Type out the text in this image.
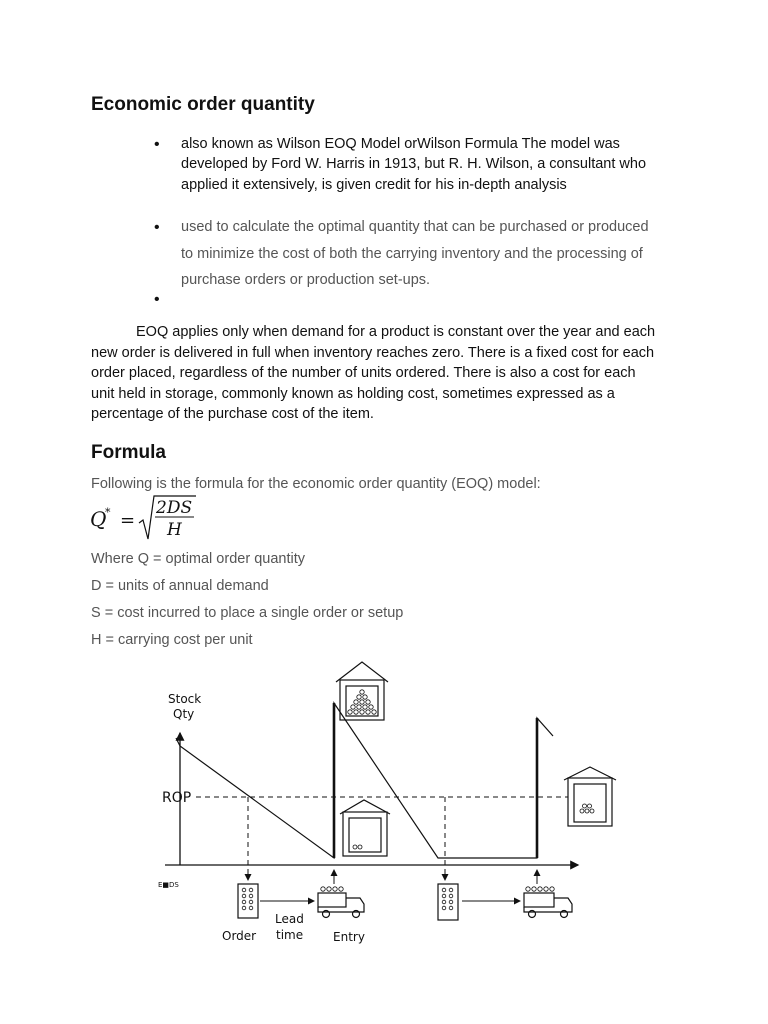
Economic order quantity
• also known as Wilson EOQ Model orWilson Formula The model was
developed by Ford W. Harris in 1913, but R. H. Wilson, a consultant who
applied it extensively, is given credit for his in-depth analysis
• used to calculate the optimal quantity that can be purchased or produced
to minimize the cost of both the carrying inventory and the processing of
purchase orders or production set-ups.
•
EOQ applies only when demand for a product is constant over the year and each
new order is delivered in full when inventory reaches zero. There is a fixed cost for each
order placed, regardless of the number of units ordered. There is also a cost for each
unit held in storage, commonly known as holding cost, sometimes expressed as a
percentage of the purchase cost of the item.
Formula
Following is the formula for the economic order quantity (EOQ) model:
Q
* =
2DS
H
Where Q = optimal order quantity
D = units of annual demand
S = cost incurred to place a single order or setup
H = carrying cost per unit
Stock
Qty
ROP
E■DS
Order
Lead
time Entry
